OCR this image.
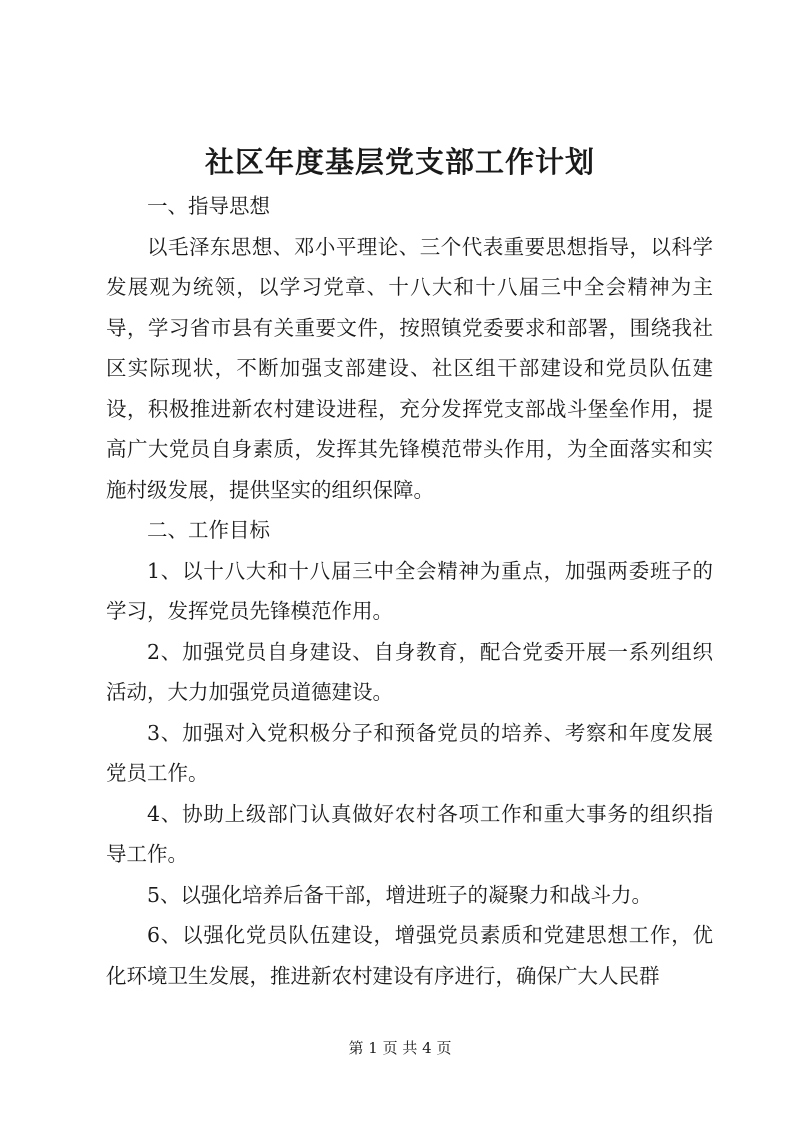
社区年度基层党支部工作计划

一、指导思想

以毛泽东思想、邓小平理论、三个代表重要思想指导，以科学发展观为统领，以学习党章、十八大和十八届三中全会精神为主导，学习省市县有关重要文件，按照镇党委要求和部署，围绕我社区实际现状，不断加强支部建设、社区组干部建设和党员队伍建设，积极推进新农村建设进程，充分发挥党支部战斗堡垒作用，提高广大党员自身素质，发挥其先锋模范带头作用，为全面落实和实施村级发展，提供坚实的组织保障。

二、工作目标

1、以十八大和十八届三中全会精神为重点，加强两委班子的学习，发挥党员先锋模范作用。

2、加强党员自身建设、自身教育，配合党委开展一系列组织活动，大力加强党员道德建设。

3、加强对入党积极分子和预备党员的培养、考察和年度发展党员工作。

4、协助上级部门认真做好农村各项工作和重大事务的组织指导工作。

5、以强化培养后备干部，增进班子的凝聚力和战斗力。

6、以强化党员队伍建设，增强党员素质和党建思想工作，优化环境卫生发展，推进新农村建设有序进行，确保广大人民群

第 1 页 共 4 页
